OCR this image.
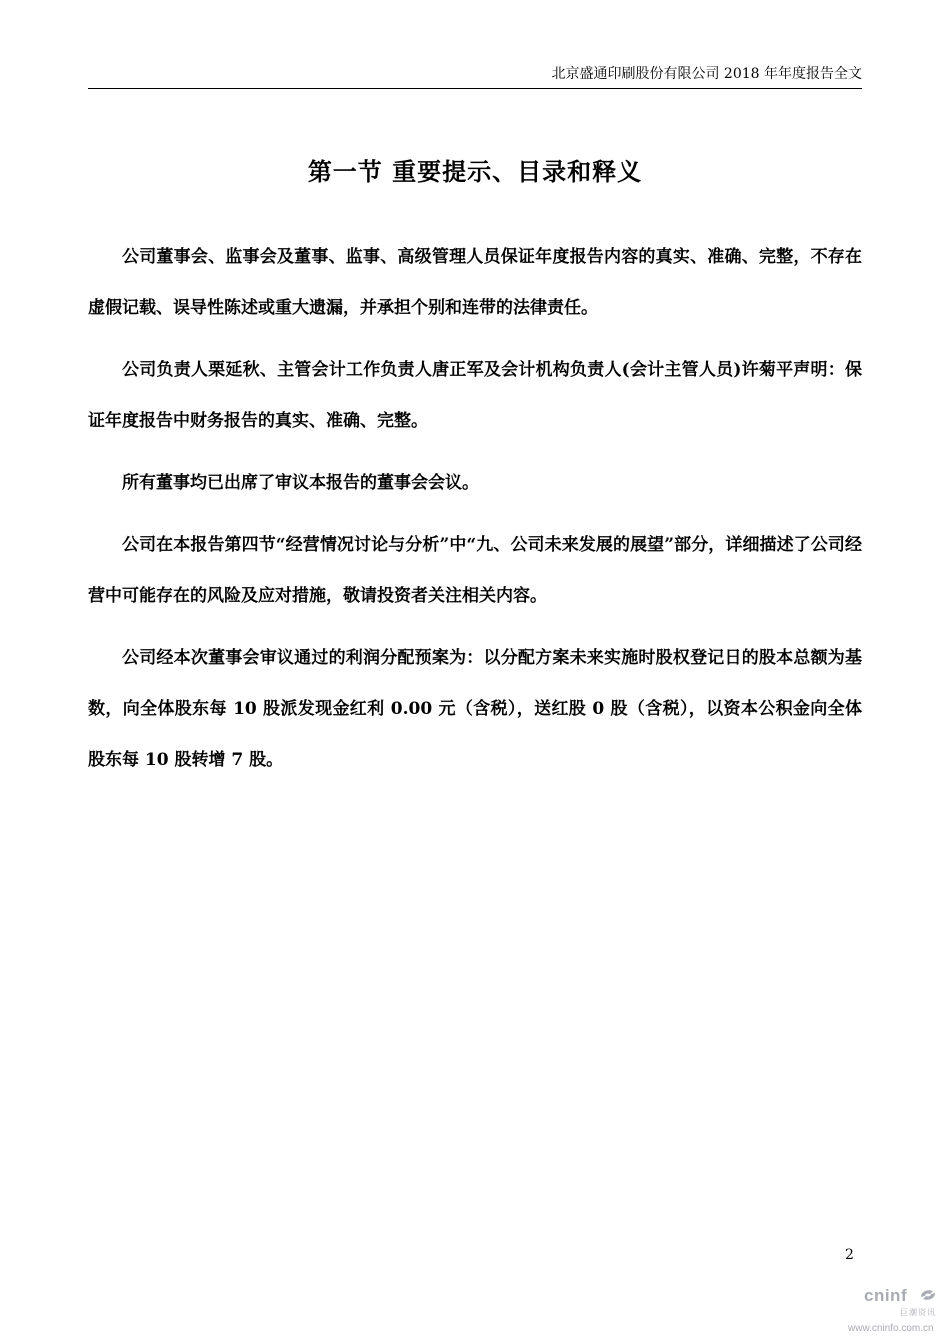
北京盛通印刷股份有限公司 2018 年年度报告全文
第一节 重要提示、目录和释义

公司董事会、监事会及董事、监事、高级管理人员保证年度报告内容的真实、准确、完整，不存在虚假记载、误导性陈述或重大遗漏，并承担个别和连带的法律责任。

公司负责人栗延秋、主管会计工作负责人唐正军及会计机构负责人(会计主管人员)许菊平声明：保证年度报告中财务报告的真实、准确、完整。

所有董事均已出席了审议本报告的董事会会议。

公司在本报告第四节“经营情况讨论与分析”中“九、公司未来发展的展望”部分，详细描述了公司经营中可能存在的风险及应对措施，敬请投资者关注相关内容。

公司经本次董事会审议通过的利润分配预案为：以分配方案未来实施时股权登记日的股本总额为基数，向全体股东每 10 股派发现金红利 0.00 元（含税），送红股 0 股（含税），以资本公积金向全体股东每 10 股转增 7 股。

2
cninf
巨潮资讯
www.cninfo.com.cn
